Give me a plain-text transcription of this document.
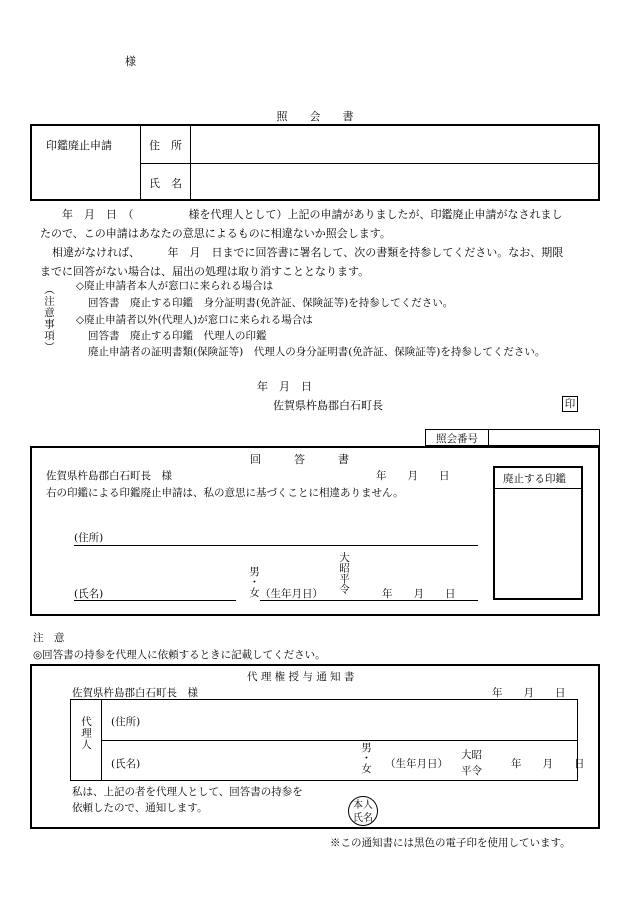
様
照　　会　　書
印鑑廃止申請	住　所
氏　名
年　月　日　（　　　　　様を代理人として）上記の申請がありましたが、印鑑廃止申請がなされまし
たので、この申請はあなたの意思によるものに相違ないか照会します。
相違がなければ、　　　年　月　日までに回答書に署名して、次の書類を持参してください。なお、期限
までに回答がない場合は、届出の処理は取り消すこととなります。
（注意事項） ◇廃止申請者本人が窓口に来られる場合は
回答書　廃止する印鑑　身分証明書(免許証、保険証等)を持参してください。
◇廃止申請者以外(代理人)が窓口に来られる場合は
回答書　廃止する印鑑　代理人の印鑑
廃止申請者の証明書類(保険証等)　代理人の身分証明書(免許証、保険証等)を持参してください。
年　月　日
佐賀県杵島郡白石町長	印
照会番号
回　　　答　　　書
佐賀県杵島郡白石町長　様	年　　月　　日
右の印鑑による印鑑廃止申請は、私の意思に基づくことに相違ありません。
廃止する印鑑
(住所)
男・女	大昭平令
(氏名)	（生年月日）	年　　月　　日
注　意
◎回答書の持参を代理人に依頼するときに記載してください。
代 理 権 授 与 通 知 書
佐賀県杵島郡白石町長　様	年　　月　　日
代理人 (住所)
(氏名)	男・女 （生年月日）
大昭
平令
年　　月　　日
私は、上記の者を代理人として、回答書の持参を
依頼したので、通知します。	本人
氏名
※この通知書には黒色の電子印を使用しています。
